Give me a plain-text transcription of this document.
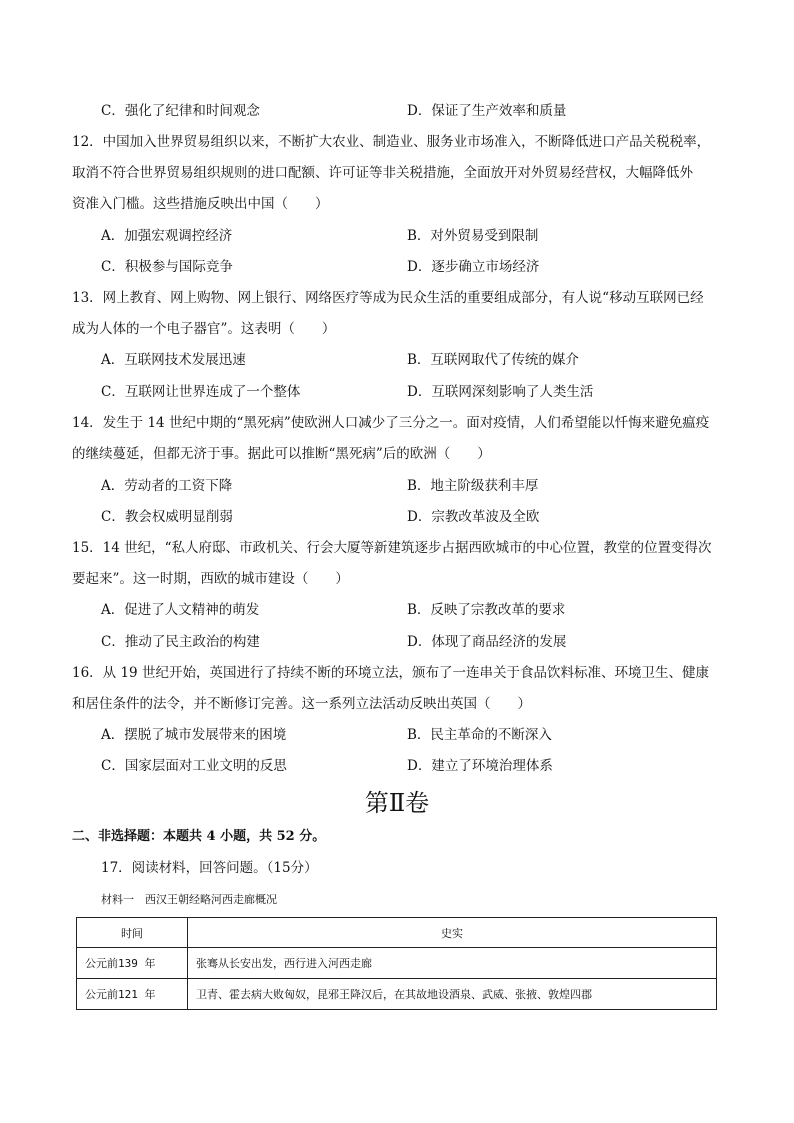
C．强化了纪律和时间观念	D．保证了生产效率和质量
12．中国加入世界贸易组织以来，不断扩大农业、制造业、服务业市场准入，不断降低进口产品关税税率，
取消不符合世界贸易组织规则的进口配额、许可证等非关税措施，全面放开对外贸易经营权，大幅降低外
资准入门槛。这些措施反映出中国（　　）
A．加强宏观调控经济	B．对外贸易受到限制
C．积极参与国际竞争	D．逐步确立市场经济
13．网上教育、网上购物、网上银行、网络医疗等成为民众生活的重要组成部分，有人说“移动互联网已经
成为人体的一个电子器官”。这表明（　　）
A．互联网技术发展迅速	B．互联网取代了传统的媒介
C．互联网让世界连成了一个整体	D．互联网深刻影响了人类生活
14．发生于 14 世纪中期的“黑死病”使欧洲人口减少了三分之一。面对疫情，人们希望能以忏悔来避免瘟疫
的继续蔓延，但都无济于事。据此可以推断“黑死病”后的欧洲（　　）
A．劳动者的工资下降	B．地主阶级获利丰厚
C．教会权威明显削弱	D．宗教改革波及全欧
15．14 世纪，“私人府邸、市政机关、行会大厦等新建筑逐步占据西欧城市的中心位置，教堂的位置变得次
要起来”。这一时期，西欧的城市建设（　　）
A．促进了人文精神的萌发	B．反映了宗教改革的要求
C．推动了民主政治的构建	D．体现了商品经济的发展
16．从 19 世纪开始，英国进行了持续不断的环境立法，颁布了一连串关于食品饮料标准、环境卫生、健康
和居住条件的法令，并不断修订完善。这一系列立法活动反映出英国（　　）
A．摆脱了城市发展带来的困境	B．民主革命的不断深入
C．国家层面对工业文明的反思	D．建立了环境治理体系
第Ⅱ卷
二、非选择题：本题共 4 小题，共 52 分。
17．阅读材料，回答问题。（15分）
材料一　西汉王朝经略河西走廊概况
时间	史实
公元前139 年	张骞从长安出发，西行进入河西走廊
公元前121 年	卫青、霍去病大败匈奴，昆邪王降汉后，在其故地设酒泉、武威、张掖、敦煌四郡
